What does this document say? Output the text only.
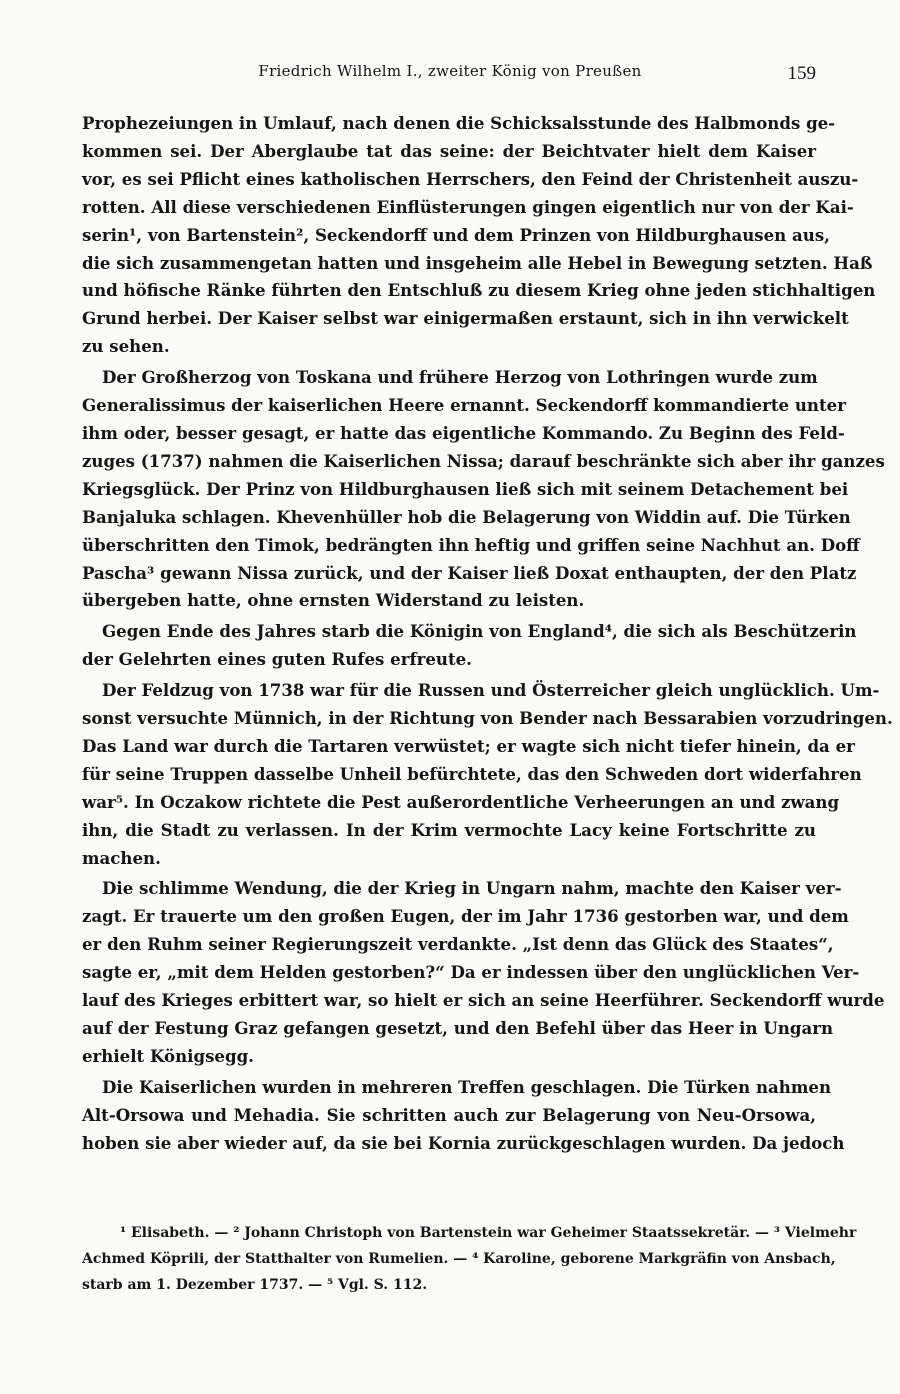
Friedrich Wilhelm I., zweiter König von Preußen	159
Prophezeiungen in Umlauf, nach denen die Schicksalsstunde des Halbmonds ge-
kommen sei. Der Aberglaube tat das seine: der Beichtvater hielt dem Kaiser
vor, es sei Pflicht eines katholischen Herrschers, den Feind der Christenheit auszu-
rotten. All diese verschiedenen Einflüsterungen gingen eigentlich nur von der Kai-
serin¹, von Bartenstein², Seckendorff und dem Prinzen von Hildburghausen aus,
die sich zusammengetan hatten und insgeheim alle Hebel in Bewegung setzten. Haß
und höfische Ränke führten den Entschluß zu diesem Krieg ohne jeden stichhaltigen
Grund herbei. Der Kaiser selbst war einigermaßen erstaunt, sich in ihn verwickelt
zu sehen.
Der Großherzog von Toskana und frühere Herzog von Lothringen wurde zum
Generalissimus der kaiserlichen Heere ernannt. Seckendorff kommandierte unter
ihm oder, besser gesagt, er hatte das eigentliche Kommando. Zu Beginn des Feld-
zuges (1737) nahmen die Kaiserlichen Nissa; darauf beschränkte sich aber ihr ganzes
Kriegsglück. Der Prinz von Hildburghausen ließ sich mit seinem Detachement bei
Banjaluka schlagen. Khevenhüller hob die Belagerung von Widdin auf. Die Türken
überschritten den Timok, bedrängten ihn heftig und griffen seine Nachhut an. Doff
Pascha³ gewann Nissa zurück, und der Kaiser ließ Doxat enthaupten, der den Platz
übergeben hatte, ohne ernsten Widerstand zu leisten.
Gegen Ende des Jahres starb die Königin von England⁴, die sich als Beschützerin
der Gelehrten eines guten Rufes erfreute.
Der Feldzug von 1738 war für die Russen und Österreicher gleich unglücklich. Um-
sonst versuchte Münnich, in der Richtung von Bender nach Bessarabien vorzudringen.
Das Land war durch die Tartaren verwüstet; er wagte sich nicht tiefer hinein, da er
für seine Truppen dasselbe Unheil befürchtete, das den Schweden dort widerfahren
war⁵. In Oczakow richtete die Pest außerordentliche Verheerungen an und zwang
ihn, die Stadt zu verlassen. In der Krim vermochte Lacy keine Fortschritte zu
machen.
Die schlimme Wendung, die der Krieg in Ungarn nahm, machte den Kaiser ver-
zagt. Er trauerte um den großen Eugen, der im Jahr 1736 gestorben war, und dem
er den Ruhm seiner Regierungszeit verdankte. „Ist denn das Glück des Staates“,
sagte er, „mit dem Helden gestorben?“ Da er indessen über den unglücklichen Ver-
lauf des Krieges erbittert war, so hielt er sich an seine Heerführer. Seckendorff wurde
auf der Festung Graz gefangen gesetzt, und den Befehl über das Heer in Ungarn
erhielt Königsegg.
Die Kaiserlichen wurden in mehreren Treffen geschlagen. Die Türken nahmen
Alt-Orsowa und Mehadia. Sie schritten auch zur Belagerung von Neu-Orsowa,
hoben sie aber wieder auf, da sie bei Kornia zurückgeschlagen wurden. Da jedoch
¹ Elisabeth. — ² Johann Christoph von Bartenstein war Geheimer Staatssekretär. — ³ Vielmehr
Achmed Köprili, der Statthalter von Rumelien. — ⁴ Karoline, geborene Markgräfin von Ansbach,
starb am 1. Dezember 1737. — ⁵ Vgl. S. 112.
